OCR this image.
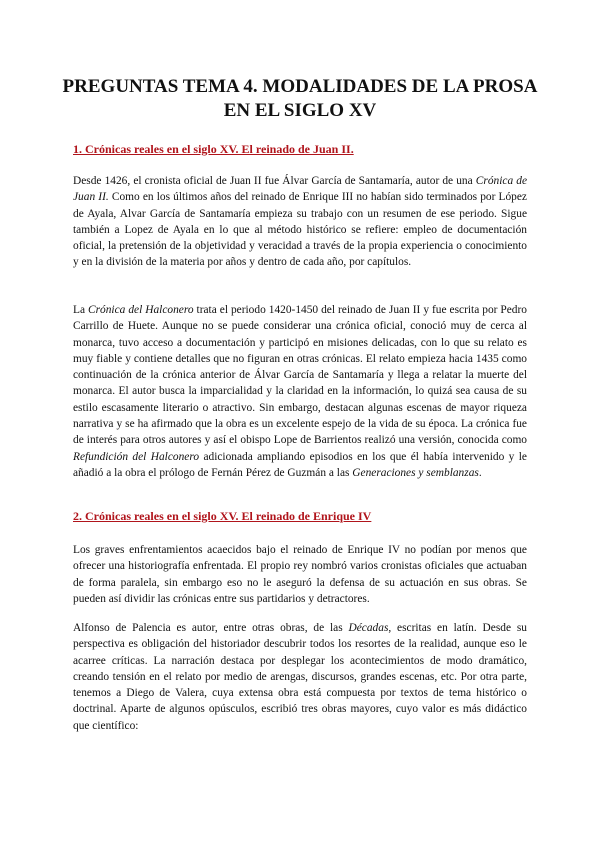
PREGUNTAS TEMA 4. MODALIDADES DE LA PROSA EN EL SIGLO XV

1. Crónicas reales en el siglo XV. El reinado de Juan II.

Desde 1426, el cronista oficial de Juan II fue Álvar García de Santamaría, autor de una Crónica de Juan II. Como en los últimos años del reinado de Enrique III no habían sido terminados por López de Ayala, Alvar García de Santamaría empieza su trabajo con un resumen de ese periodo. Sigue también a Lopez de Ayala en lo que al método histórico se refiere: empleo de documentación oficial, la pretensión de la objetividad y veracidad a través de la propia experiencia o conocimiento y en la división de la materia por años y dentro de cada año, por capítulos.

La Crónica del Halconero trata el periodo 1420-1450 del reinado de Juan II y fue escrita por Pedro Carrillo de Huete. Aunque no se puede considerar una crónica oficial, conoció muy de cerca al monarca, tuvo acceso a documentación y participó en misiones delicadas, con lo que su relato es muy fiable y contiene detalles que no figuran en otras crónicas. El relato empieza hacia 1435 como continuación de la crónica anterior de Álvar García de Santamaría y llega a relatar la muerte del monarca. El autor busca la imparcialidad y la claridad en la información, lo quizá sea causa de su estilo escasamente literario o atractivo. Sin embargo, destacan algunas escenas de mayor riqueza narrativa y se ha afirmado que la obra es un excelente espejo de la vida de su época. La crónica fue de interés para otros autores y así el obispo Lope de Barrientos realizó una versión, conocida como Refundición del Halconero adicionada ampliando episodios en los que él había intervenido y le añadió a la obra el prólogo de Fernán Pérez de Guzmán a las Generaciones y semblanzas.

2. Crónicas reales en el siglo XV. El reinado de Enrique IV

Los graves enfrentamientos acaecidos bajo el reinado de Enrique IV no podían por menos que ofrecer una historiografía enfrentada. El propio rey nombró varios cronistas oficiales que actuaban de forma paralela, sin embargo eso no le aseguró la defensa de su actuación en sus obras. Se pueden así dividir las crónicas entre sus partidarios y detractores.

Alfonso de Palencia es autor, entre otras obras, de las Décadas, escritas en latín. Desde su perspectiva es obligación del historiador descubrir todos los resortes de la realidad, aunque eso le acarree críticas. La narración destaca por desplegar los acontecimientos de modo dramático, creando tensión en el relato por medio de arengas, discursos, grandes escenas, etc. Por otra parte, tenemos a Diego de Valera, cuya extensa obra está compuesta por textos de tema histórico o doctrinal. Aparte de algunos opúsculos, escribió tres obras mayores, cuyo valor es más didáctico que científico:
